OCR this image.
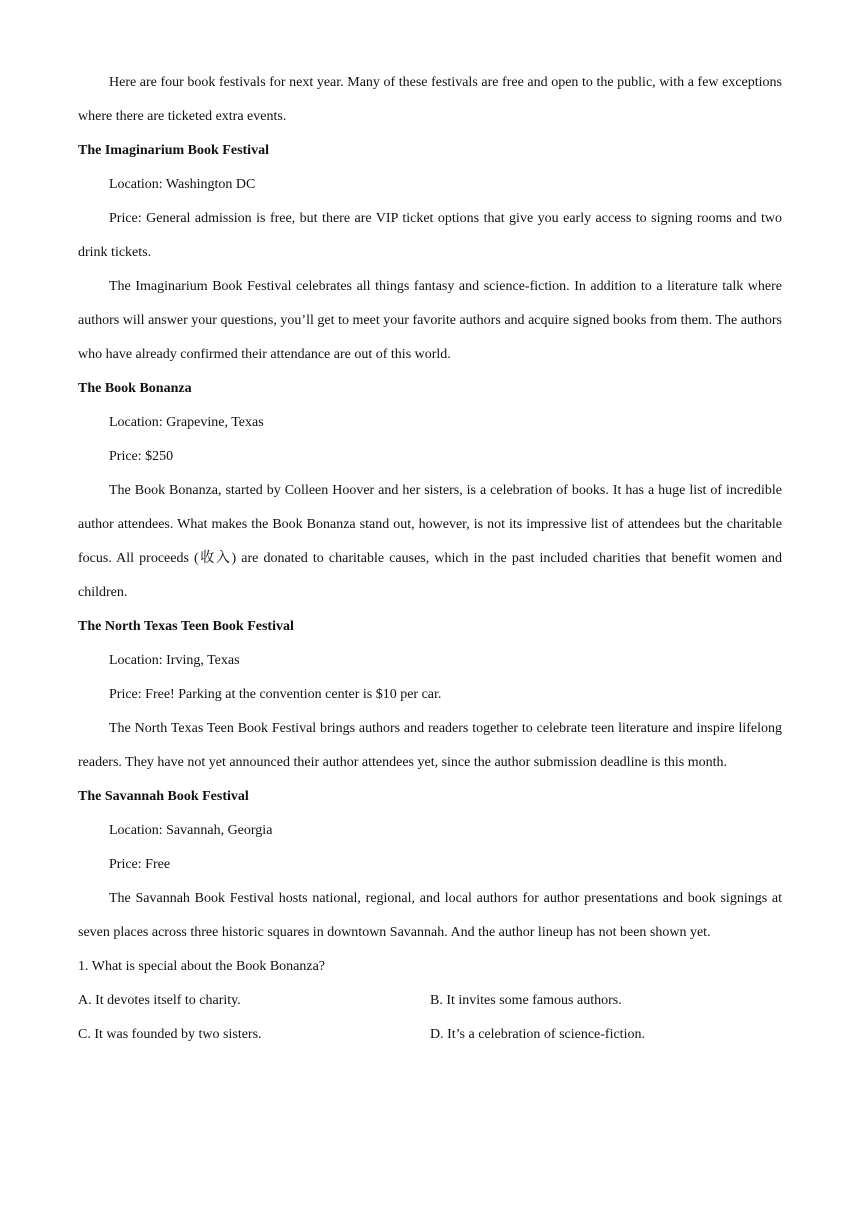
Here are four book festivals for next year. Many of these festivals are free and open to the public, with a few exceptions where there are ticketed extra events.

The Imaginarium Book Festival

Location: Washington DC

Price: General admission is free, but there are VIP ticket options that give you early access to signing rooms and two drink tickets.

The Imaginarium Book Festival celebrates all things fantasy and science-fiction. In addition to a literature talk where authors will answer your questions, you’ll get to meet your favorite authors and acquire signed books from them. The authors who have already confirmed their attendance are out of this world.

The Book Bonanza

Location: Grapevine, Texas

Price: $250

The Book Bonanza, started by Colleen Hoover and her sisters, is a celebration of books. It has a huge list of incredible author attendees. What makes the Book Bonanza stand out, however, is not its impressive list of attendees but the charitable focus. All proceeds (收入) are donated to charitable causes, which in the past included charities that benefit women and children.

The North Texas Teen Book Festival

Location: Irving, Texas

Price: Free! Parking at the convention center is $10 per car.

The North Texas Teen Book Festival brings authors and readers together to celebrate teen literature and inspire lifelong readers. They have not yet announced their author attendees yet, since the author submission deadline is this month.

The Savannah Book Festival

Location: Savannah, Georgia

Price: Free

The Savannah Book Festival hosts national, regional, and local authors for author presentations and book signings at seven places across three historic squares in downtown Savannah. And the author lineup has not been shown yet.

1. What is special about the Book Bonanza?

A. It devotes itself to charity.	B. It invites some famous authors.
C. It was founded by two sisters.	D. It’s a celebration of science-fiction.
